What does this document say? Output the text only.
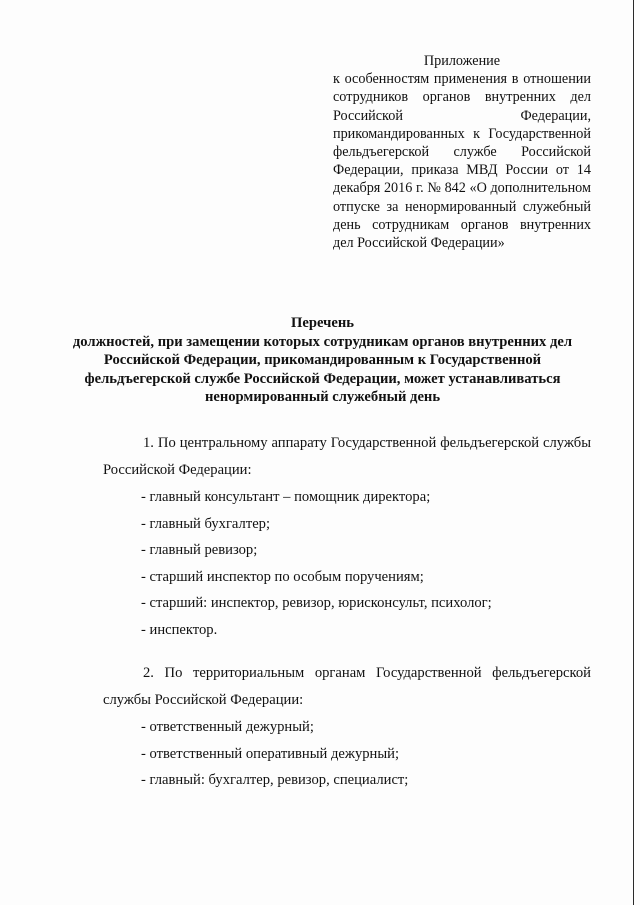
Приложение

к особенностям применения в отношении сотрудников органов внутренних дел Российской Федерации, прикомандированных к Государственной фельдъегерской службе Российской Федерации, приказа МВД России от 14 декабря 2016 г. № 842 «О дополнительном отпуске за ненормированный служебный день сотрудникам органов внутренних дел Российской Федерации»

Перечень
должностей, при замещении которых сотрудникам органов внутренних дел Российской Федерации, прикомандированным к Государственной фельдъегерской службе Российской Федерации, может устанавливаться ненормированный служебный день

1. По центральному аппарату Государственной фельдъегерской службы Российской Федерации:

- главный консультант – помощник директора;
- главный бухгалтер;
- главный ревизор;
- старший инспектор по особым поручениям;
- старший: инспектор, ревизор, юрисконсульт, психолог;
- инспектор.

2. По территориальным органам Государственной фельдъегерской службы Российской Федерации:

- ответственный дежурный;
- ответственный оперативный дежурный;
- главный: бухгалтер, ревизор, специалист;
